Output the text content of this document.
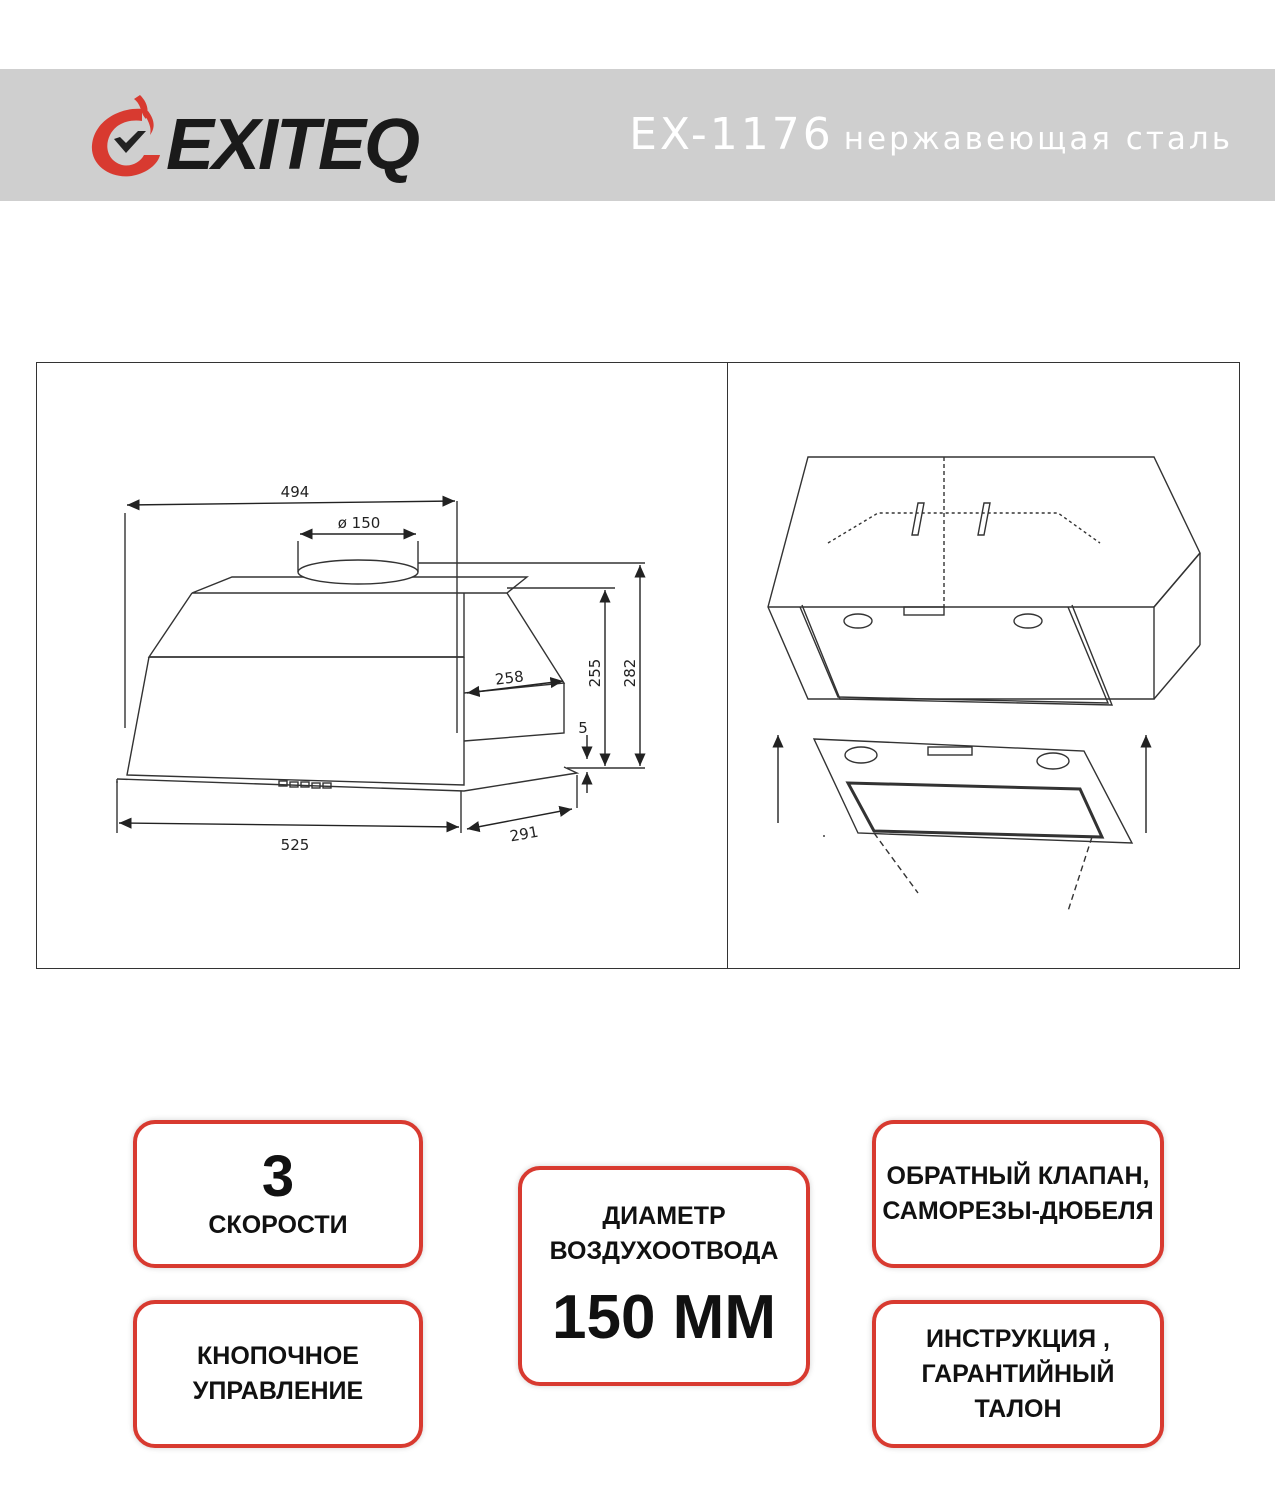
EXITEQ	EX-1176 нержавеющая сталь
494
ø 150
258	255 282
5
525	291
3
СКОРОСТИ
КНОПОЧНОЕ
УПРАВЛЕНИЕ
ДИАМЕТР
ВОЗДУХООТВОДА
150 ММ
ОБРАТНЫЙ КЛАПАН,
САМОРЕЗЫ-ДЮБЕЛЯ
ИНСТРУКЦИЯ ,
ГАРАНТИЙНЫЙ ТАЛОН
